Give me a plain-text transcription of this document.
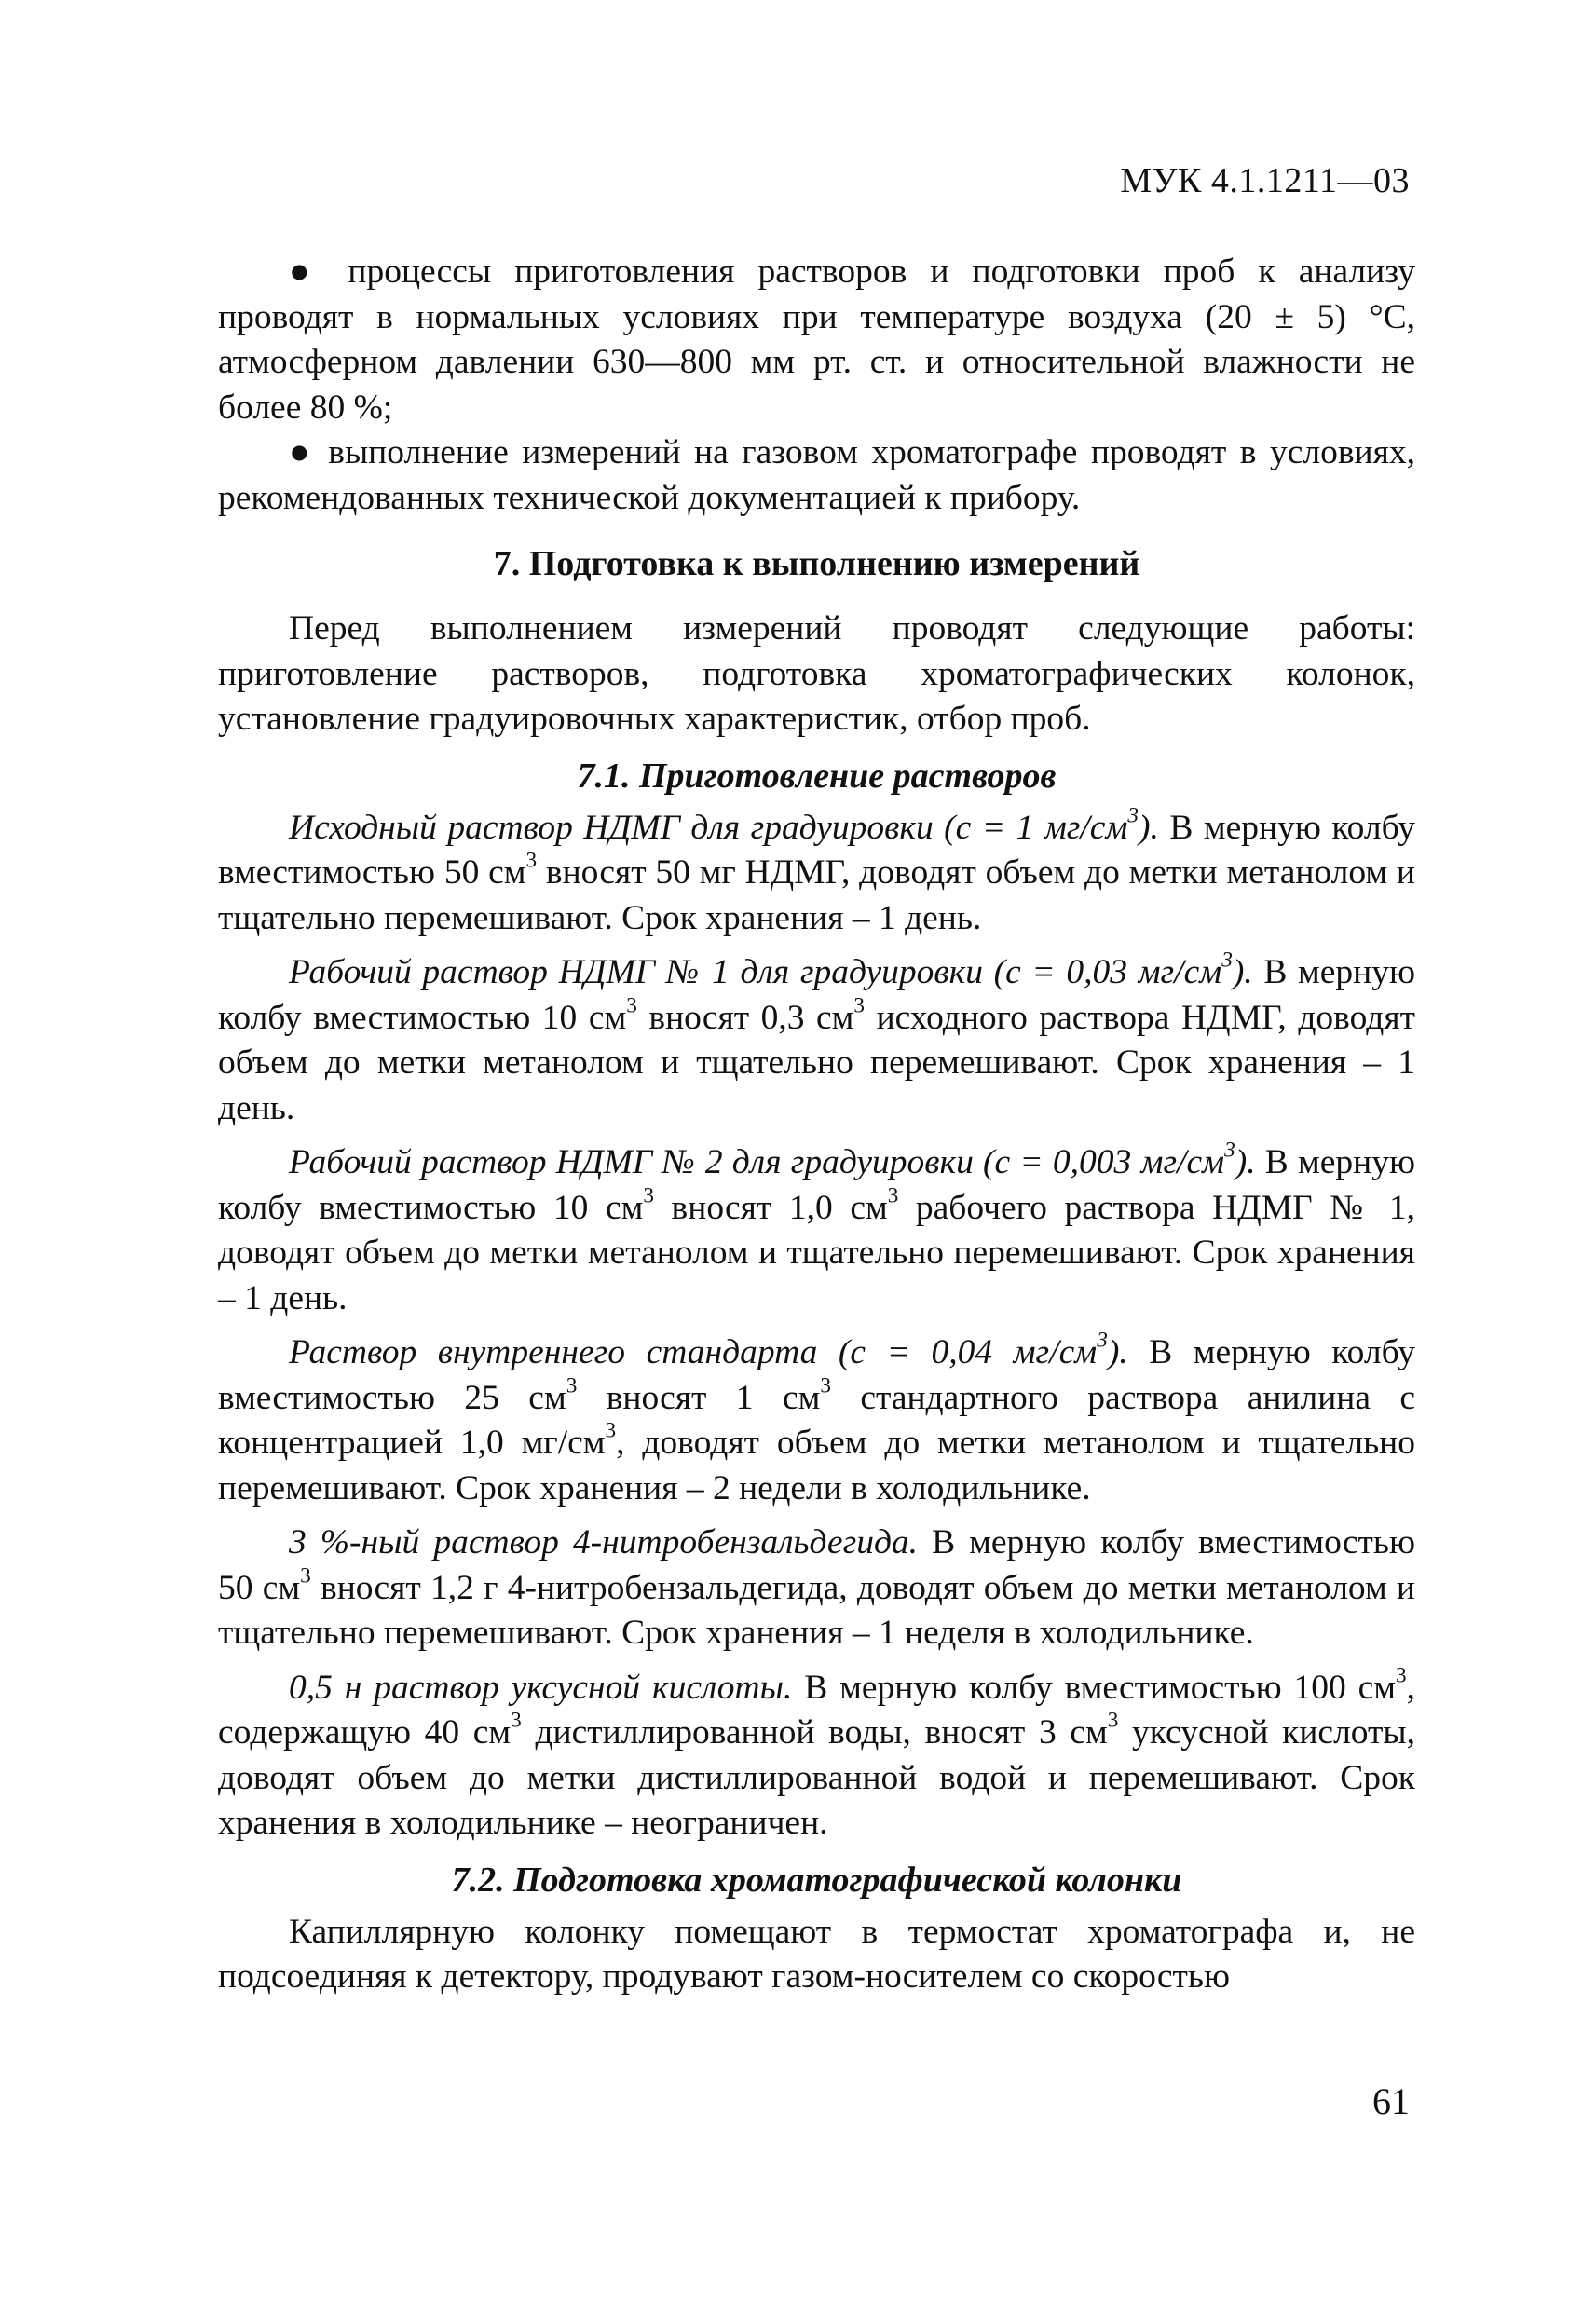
МУК 4.1.1211—03

● процессы приготовления растворов и подготовки проб к анализу проводят в нормальных условиях при температуре воздуха (20 ± 5) °С, атмосферном давлении 630—800 мм рт. ст. и относительной влажности не более 80 %;

● выполнение измерений на газовом хроматографе проводят в условиях, рекомендованных технической документацией к прибору.

7. Подготовка к выполнению измерений

Перед выполнением измерений проводят следующие работы: приготовление растворов, подготовка хроматографических колонок, установление градуировочных характеристик, отбор проб.

7.1. Приготовление растворов

Исходный раствор НДМГ для градуировки (с = 1 $мг/см^3$). В мерную колбу вместимостью 50 $см^3$ вносят 50 мг НДМГ, доводят объем до метки метанолом и тщательно перемешивают. Срок хранения – 1 день.

Рабочий раствор НДМГ № 1 для градуировки (с = 0,03 $мг/см^3$). В мерную колбу вместимостью 10 $см^3$ вносят 0,3 $см^3$ исходного раствора НДМГ, доводят объем до метки метанолом и тщательно перемешивают. Срок хранения – 1 день.

Рабочий раствор НДМГ № 2 для градуировки (с = 0,003 $мг/см^3$). В мерную колбу вместимостью 10 $см^3$ вносят 1,0 $см^3$ рабочего раствора НДМГ № 1, доводят объем до метки метанолом и тщательно перемешивают. Срок хранения – 1 день.

Раствор внутреннего стандарта (с = 0,04 $мг/см^3$). В мерную колбу вместимостью 25 $см^3$ вносят 1 $см^3$ стандартного раствора анилина с концентрацией 1,0 $мг/см^3$, доводят объем до метки метанолом и тщательно перемешивают. Срок хранения – 2 недели в холодильнике.

3 %-ный раствор 4-нитробензальдегида. В мерную колбу вместимостью 50 $см^3$ вносят 1,2 г 4-нитробензальдегида, доводят объем до метки метанолом и тщательно перемешивают. Срок хранения – 1 неделя в холодильнике.

0,5 н раствор уксусной кислоты. В мерную колбу вместимостью 100 $см^3$, содержащую 40 $см^3$ дистиллированной воды, вносят 3 $см^3$ уксусной кислоты, доводят объем до метки дистиллированной водой и перемешивают. Срок хранения в холодильнике – неограничен.

7.2. Подготовка хроматографической колонки

Капиллярную колонку помещают в термостат хроматографа и, не подсоединяя к детектору, продувают газом-носителем со скоростью

61
